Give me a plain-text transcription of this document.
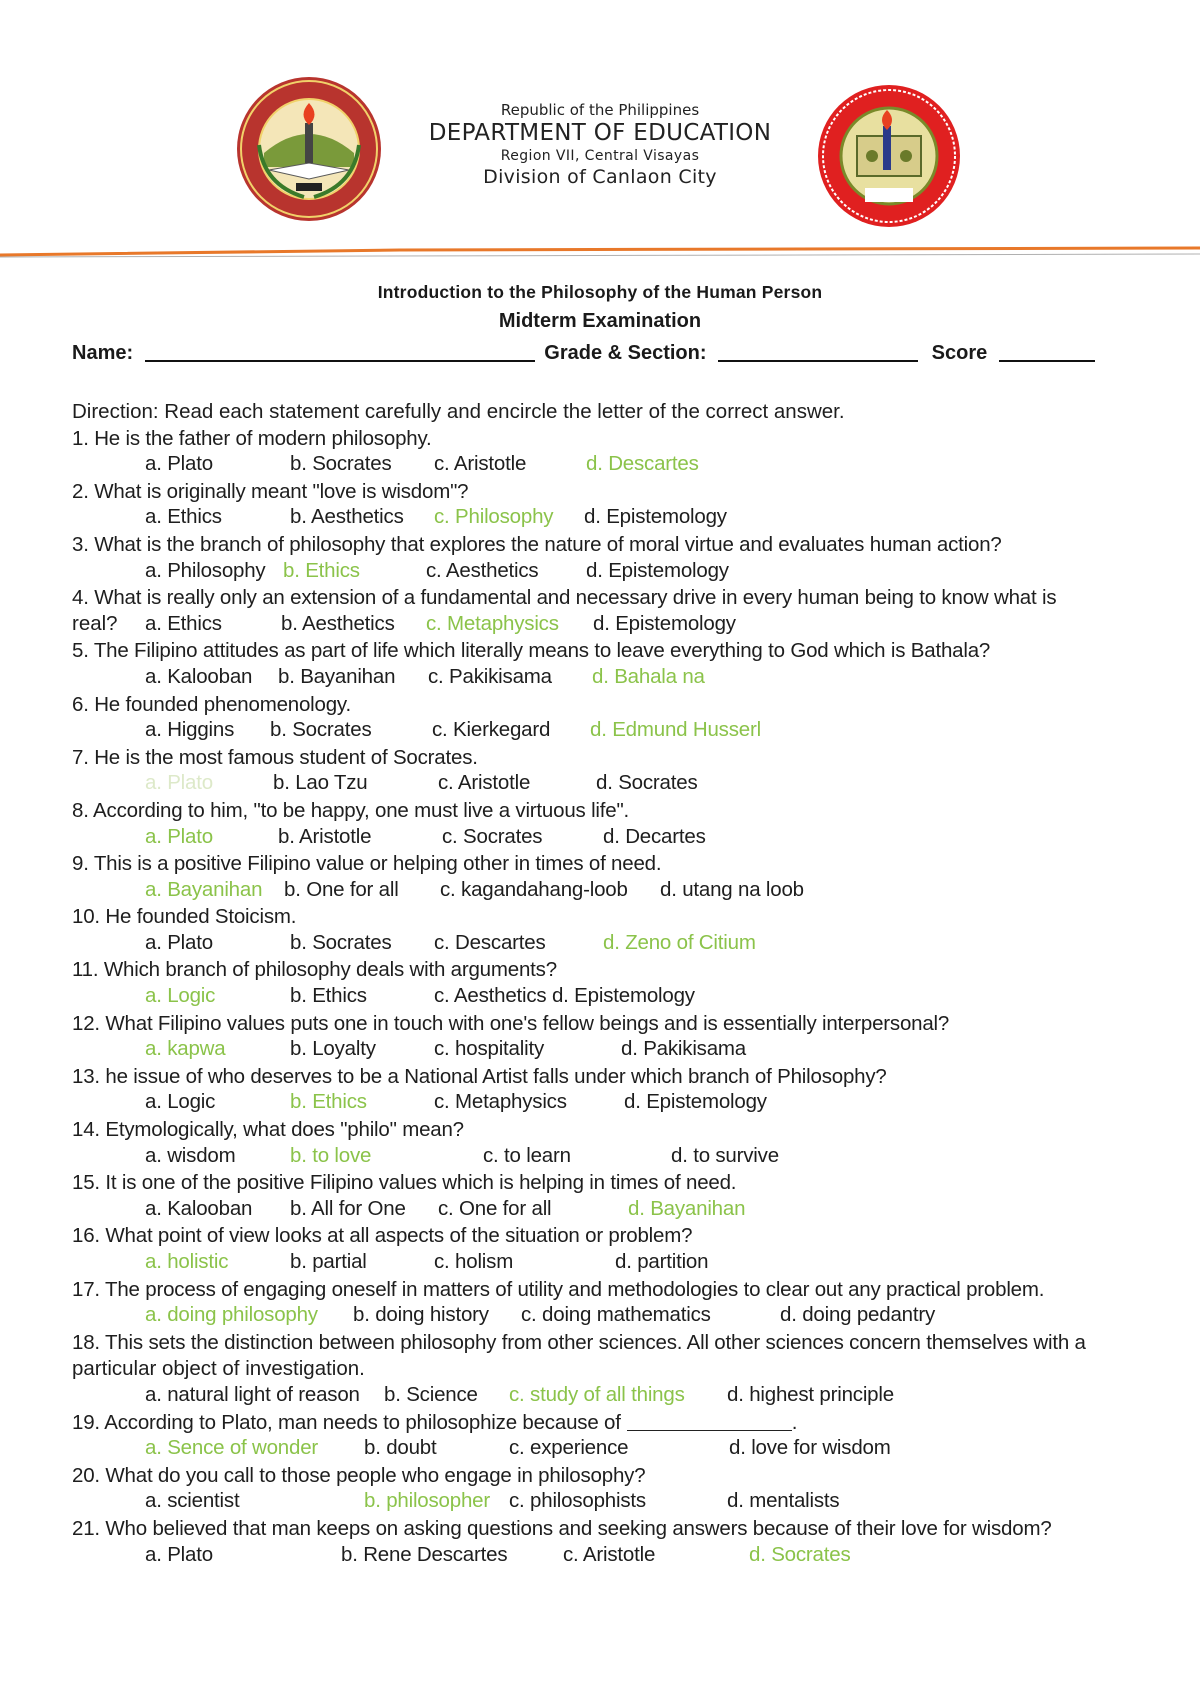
Republic of the Philippines
DEPARTMENT OF EDUCATION
Region VII, Central Visayas
Division of Canlaon City
Introduction to the Philosophy of the Human Person
Midterm Examination
Name:	Grade & Section:	Score
Direction: Read each statement carefully and encircle the letter of the correct answer.
1. He is the father of modern philosophy.
a. Plato	b. Socrates c. Aristotle	d. Descartes
2. What is originally meant "love is wisdom"?
a. Ethics	b. Aesthetics c. Philosophy d. Epistemology
3. What is the branch of philosophy that explores the nature of moral virtue and evaluates human action?
a. Philosophy b. Ethics	c. Aesthetics d. Epistemology
4. What is really only an extension of a fundamental and necessary drive in every human being to know what is
real? a. Ethics	b. Aesthetics c. Metaphysics d. Epistemology
5. The Filipino attitudes as part of life which literally means to leave everything to God which is Bathala?
a. Kalooban b. Bayanihan c. Pakikisama d. Bahala na
6. He founded phenomenology.
a. Higgins b. Socrates	c. Kierkegard d. Edmund Husserl
7. He is the most famous student of Socrates.
a. Plato	b. Lao Tzu	c. Aristotle	d. Socrates
8. According to him, "to be happy, one must live a virtuous life".
a. Plato	b. Aristotle	c. Socrates	d. Decartes
9. This is a positive Filipino value or helping other in times of need.
a. Bayanihan b. One for all c. kagandahang-loob d. utang na loob
10. He founded Stoicism.
a. Plato	b. Socrates c. Descartes	d. Zeno of Citium
11. Which branch of philosophy deals with arguments?
a. Logic	b. Ethics	c. Aesthetics d. Epistemology
12. What Filipino values puts one in touch with one's fellow beings and is essentially interpersonal?
a. kapwa	b. Loyalty	c. hospitality	d. Pakikisama
13. he issue of who deserves to be a National Artist falls under which branch of Philosophy?
a. Logic	b. Ethics	c. Metaphysics	d. Epistemology
14. Etymologically, what does "philo" mean?
a. wisdom	b. to love	c. to learn	d. to survive
15. It is one of the positive Filipino values which is helping in times of need.
a. Kalooban b. All for One c. One for all	d. Bayanihan
16. What point of view looks at all aspects of the situation or problem?
a. holistic	b. partial	c. holism	d. partition
17. The process of engaging oneself in matters of utility and methodologies to clear out any practical problem.
a. doing philosophy b. doing history c. doing mathematics	d. doing pedantry
18. This sets the distinction between philosophy from other sciences. All other sciences concern themselves with a
particular object of investigation.
a. natural light of reason b. Science c. study of all things d. highest principle
19. According to Plato, man needs to philosophize because of	.
a. Sence of wonder b. doubt	c. experience	d. love for wisdom
20. What do you call to those people who engage in philosophy?
a. scientist	b. philosopher c. philosophists	d. mentalists
21. Who believed that man keeps on asking questions and seeking answers because of their love for wisdom?
a. Plato	b. Rene Descartes	c. Aristotle	d. Socrates
